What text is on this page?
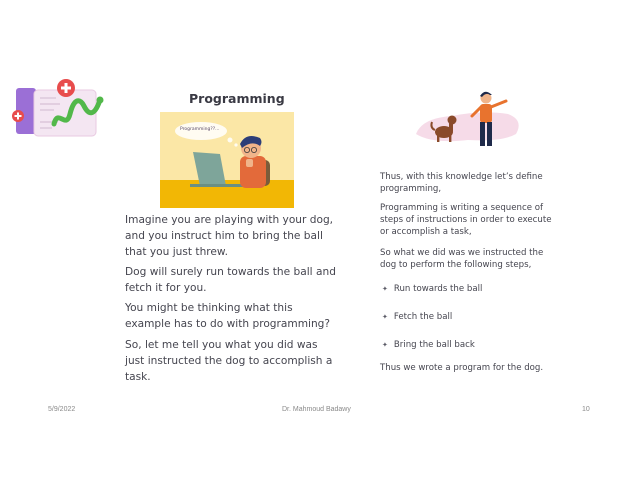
Programming
Programming??...
Imagine you are playing with your dog, and you instruct him to bring the ball that you just threw.
Dog will surely run towards the ball and fetch it for you.
You might be thinking what this example has to do with programming?
So, let me tell you what you did was just instructed the dog to accomplish a task.
Thus, with this knowledge let’s define programming,
Programming is writing a sequence of steps of instructions in order to execute or accomplish a task,
So what we did was we instructed the dog to perform the following steps,
✦ Run towards the ball
✦ Fetch the ball
✦ Bring the ball back
Thus we wrote a program for the dog.
5/9/2022	Dr. Mahmoud Badawy	10
